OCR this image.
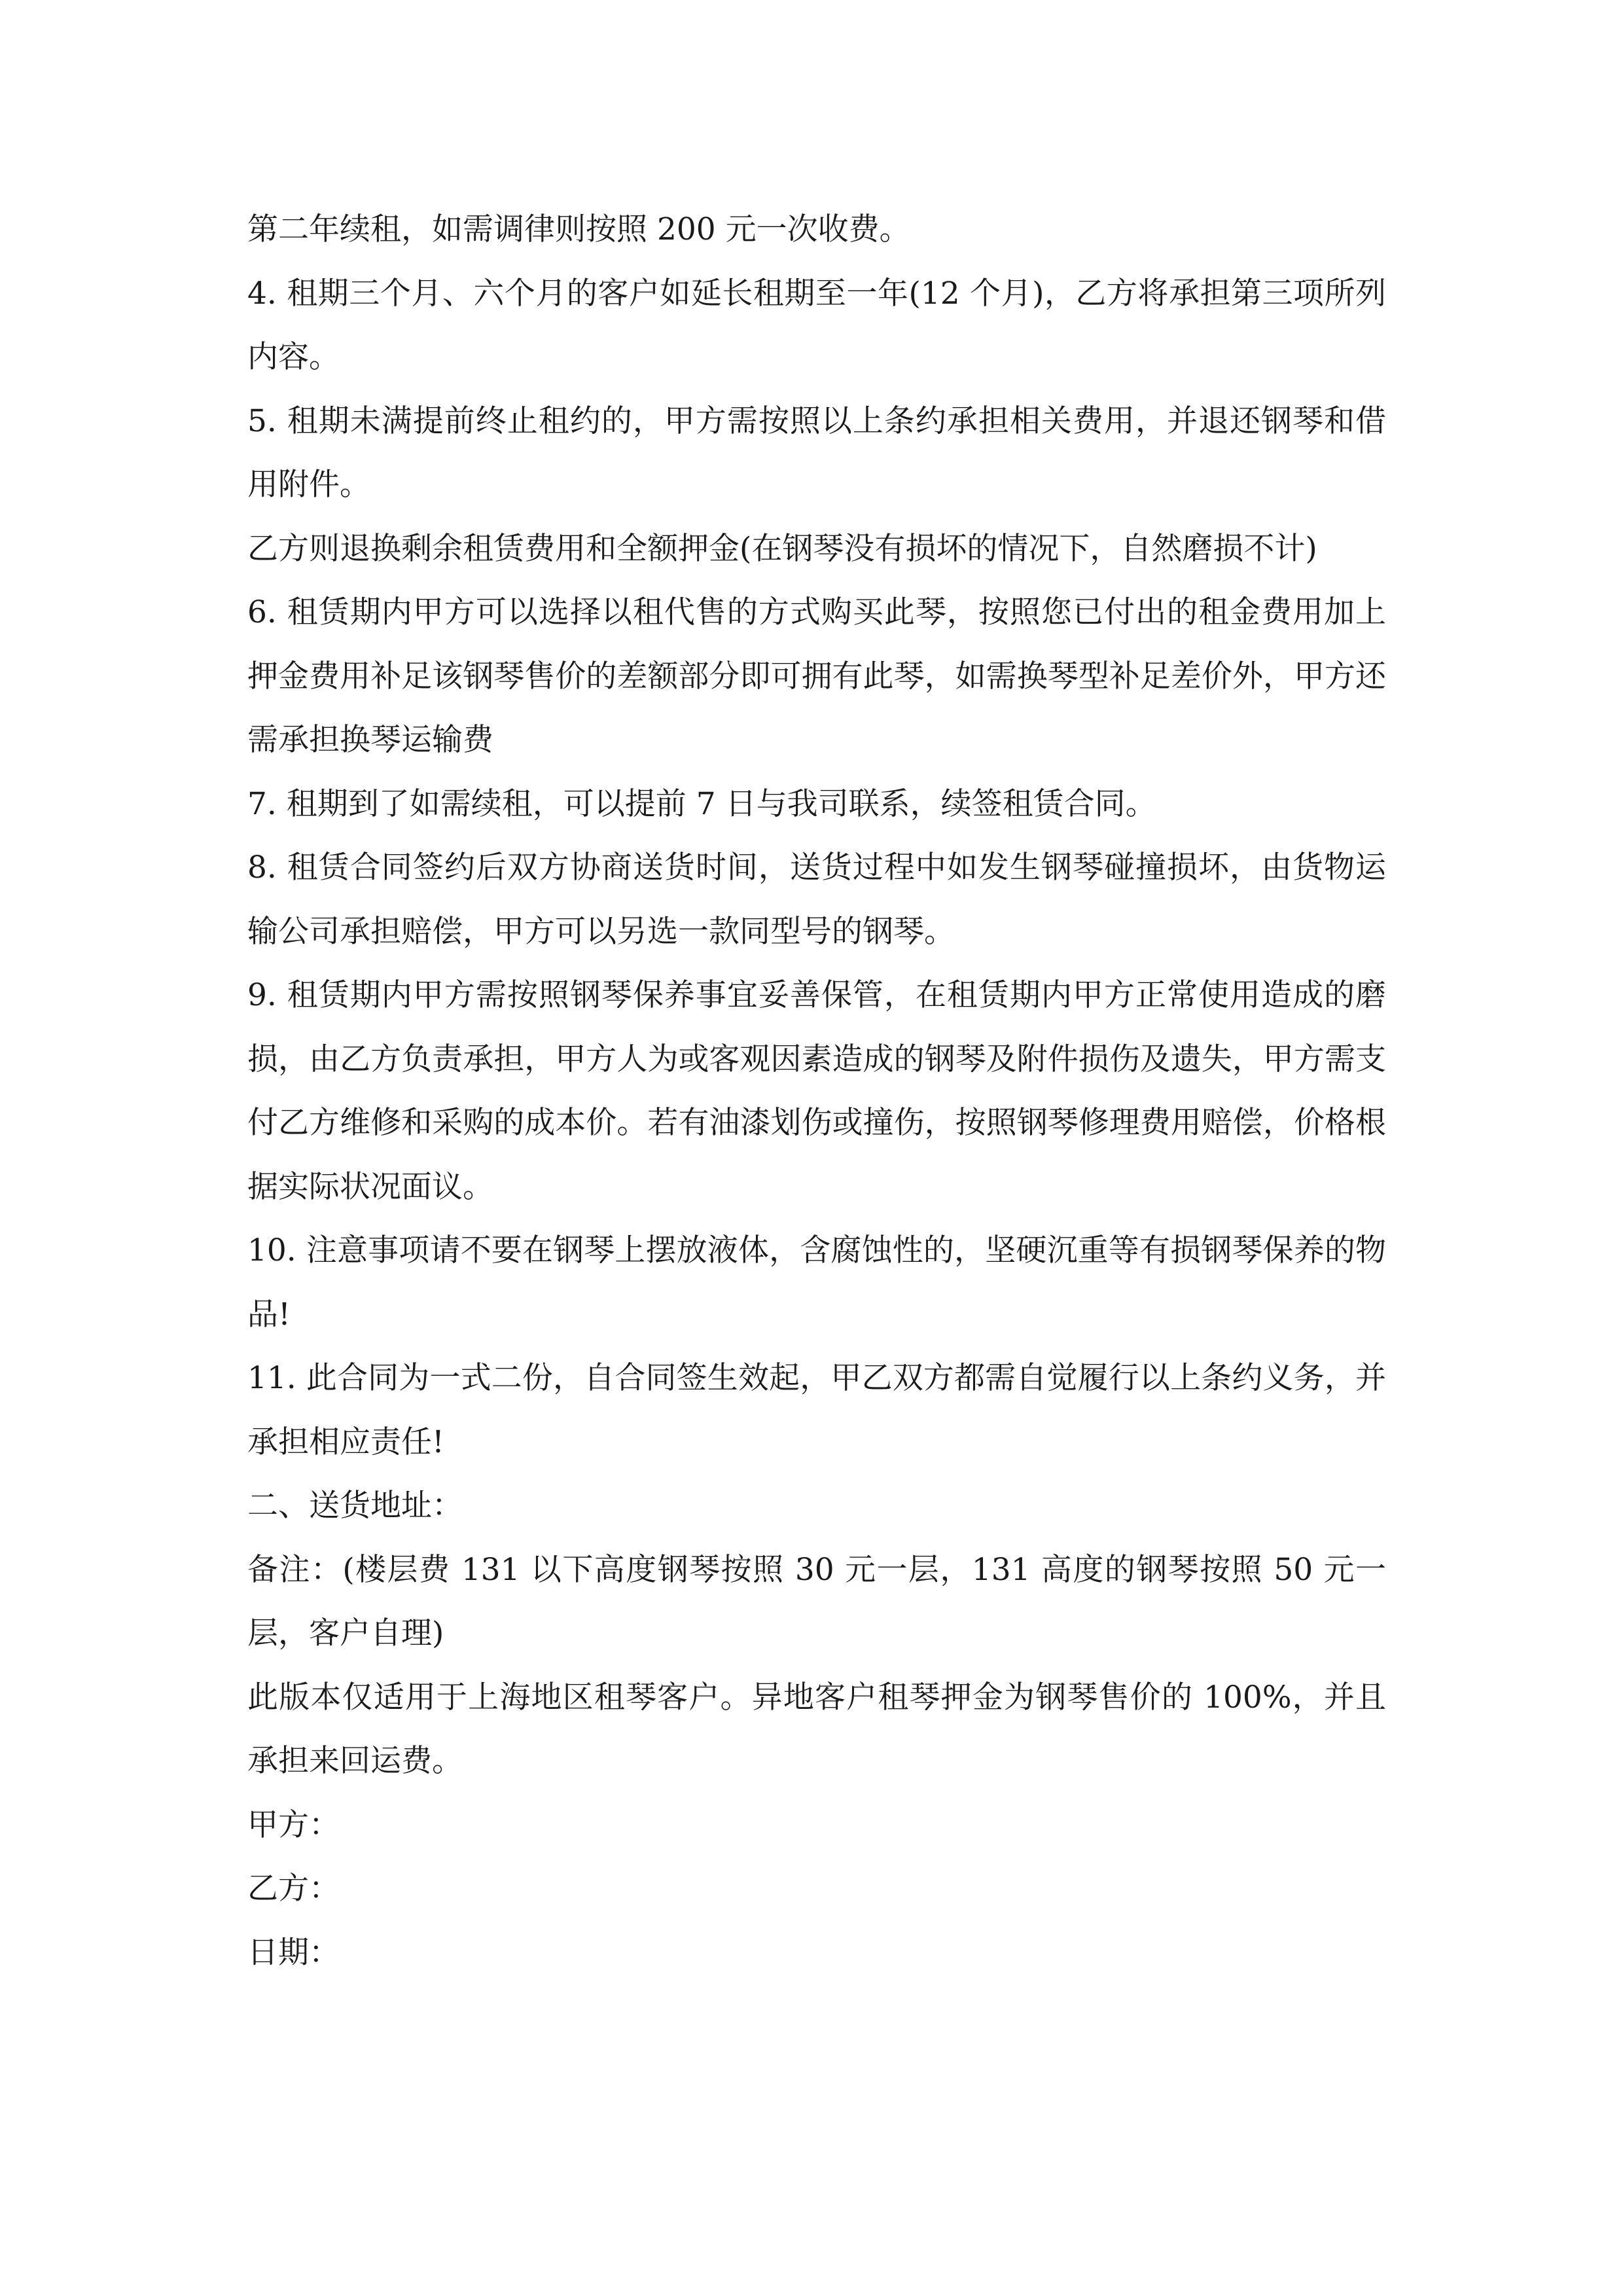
第二年续租，如需调律则按照 200 元一次收费。

4. 租期三个月、六个月的客户如延长租期至一年(12 个月)，乙方将承担第三项所列内容。

5. 租期未满提前终止租约的，甲方需按照以上条约承担相关费用，并退还钢琴和借用附件。

乙方则退换剩余租赁费用和全额押金(在钢琴没有损坏的情况下，自然磨损不计)

6. 租赁期内甲方可以选择以租代售的方式购买此琴，按照您已付出的租金费用加上押金费用补足该钢琴售价的差额部分即可拥有此琴，如需换琴型补足差价外，甲方还需承担换琴运输费

7. 租期到了如需续租，可以提前 7 日与我司联系，续签租赁合同。

8. 租赁合同签约后双方协商送货时间，送货过程中如发生钢琴碰撞损坏，由货物运输公司承担赔偿，甲方可以另选一款同型号的钢琴。

9. 租赁期内甲方需按照钢琴保养事宜妥善保管，在租赁期内甲方正常使用造成的磨损，由乙方负责承担，甲方人为或客观因素造成的钢琴及附件损伤及遗失，甲方需支付乙方维修和采购的成本价。若有油漆划伤或撞伤，按照钢琴修理费用赔偿，价格根据实际状况面议。

10. 注意事项请不要在钢琴上摆放液体，含腐蚀性的，坚硬沉重等有损钢琴保养的物品!

11. 此合同为一式二份，自合同签生效起，甲乙双方都需自觉履行以上条约义务，并承担相应责任!

二、送货地址：

备注：(楼层费 131 以下高度钢琴按照 30 元一层，131 高度的钢琴按照 50 元一层，客户自理)

此版本仅适用于上海地区租琴客户。异地客户租琴押金为钢琴售价的 100%，并且承担来回运费。

甲方：

乙方：

日期：
